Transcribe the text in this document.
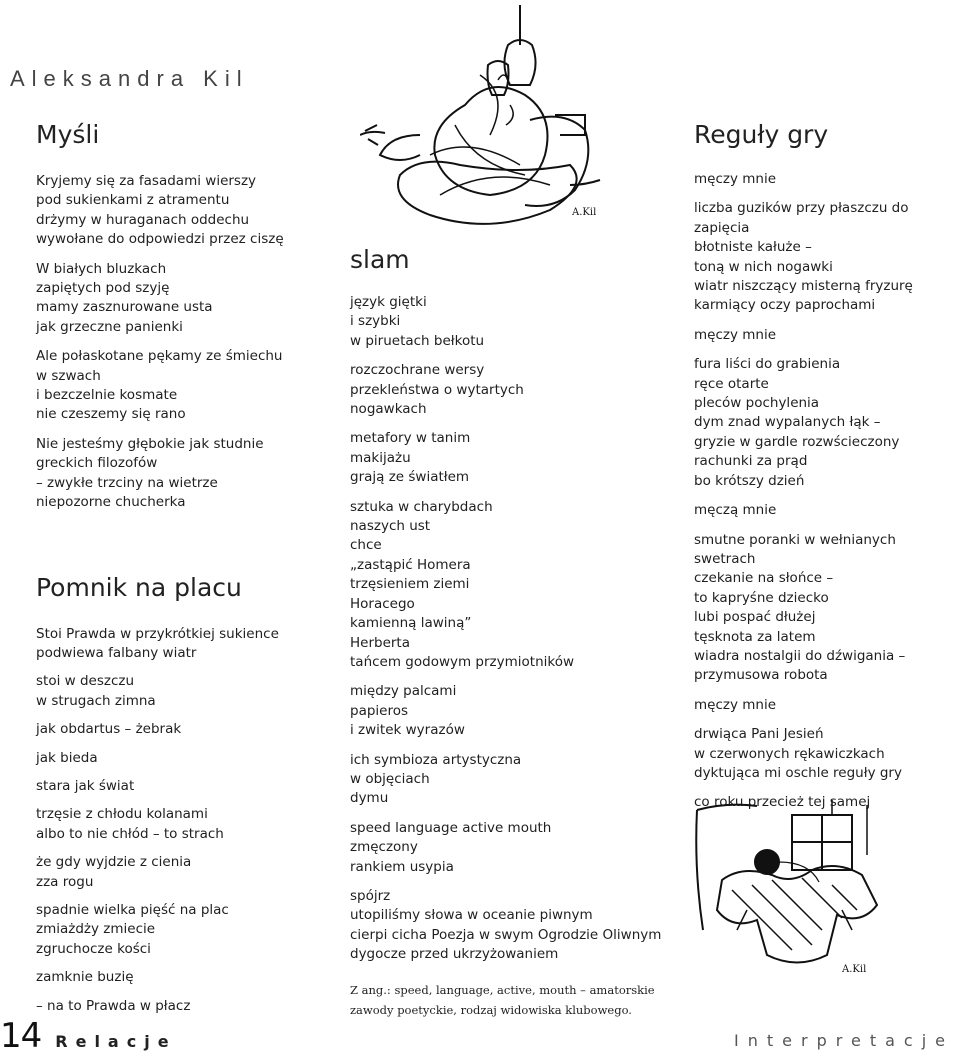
Aleksandra Kil
Myśli
Kryjemy się za fasadami wierszy
pod sukienkami z atramentu
drżymy w huraganach oddechu
wywołane do odpowiedzi przez ciszę
W białych bluzkach
zapiętych pod szyję
mamy zasznurowane usta
jak grzeczne panienki
Ale połaskotane pękamy ze śmiechu
w szwach
i bezczelnie kosmate
nie czeszemy się rano
Nie jesteśmy głębokie jak studnie
greckich filozofów
– zwykłe trzciny na wietrze
niepozorne chucherka
Pomnik na placu
Stoi Prawda w przykrótkiej sukience
podwiewa falbany wiatr
stoi w deszczu
w strugach zimna
jak obdartus – żebrak
jak bieda
stara jak świat
trzęsie z chłodu kolanami
albo to nie chłód – to strach
że gdy wyjdzie z cienia
zza rogu
spadnie wielka pięść na plac
zmiażdży zmiecie
zgruchocze kości
zamknie buzię
– na to Prawda w płacz
A.Kil
slam
język giętki
i szybki
w piruetach bełkotu
rozczochrane wersy
przekleństwa o wytartych
nogawkach
metafory w tanim
makijażu
grają ze światłem
sztuka w charybdach
naszych ust
chce
„zastąpić Homera
trzęsieniem ziemi
Horacego
kamienną lawiną”
Herberta
tańcem godowym przymiotników
między palcami
papieros
i zwitek wyrazów
ich symbioza artystyczna
w objęciach
dymu
speed language active mouth
zmęczony
rankiem usypia
spójrz
utopiliśmy słowa w oceanie piwnym
cierpi cicha Poezja w swym Ogrodzie Oliwnym
dygocze przed ukrzyżowaniem
Z ang.: speed, language, active, mouth – amatorskie zawody poetyckie, rodzaj widowiska klubowego.
Reguły gry
męczy mnie
liczba guzików przy płaszczu do zapięcia
błotniste kałuże –
toną w nich nogawki
wiatr niszczący misterną fryzurę
karmiący oczy paprochami
męczy mnie
fura liści do grabienia
ręce otarte
pleców pochylenia
dym znad wypalanych łąk –
gryzie w gardle rozwścieczony
rachunki za prąd
bo krótszy dzień
męczą mnie
smutne poranki w wełnianych swetrach
czekanie na słońce –
to kapryśne dziecko
lubi pospać dłużej
tęsknota za latem
wiadra nostalgii do dźwigania –
przymusowa robota
męczy mnie
drwiąca Pani Jesień
w czerwonych rękawiczkach
dyktująca mi oschle reguły gry
co roku przecież tej samej
A.Kil
14 Relacje	Interpretacje
